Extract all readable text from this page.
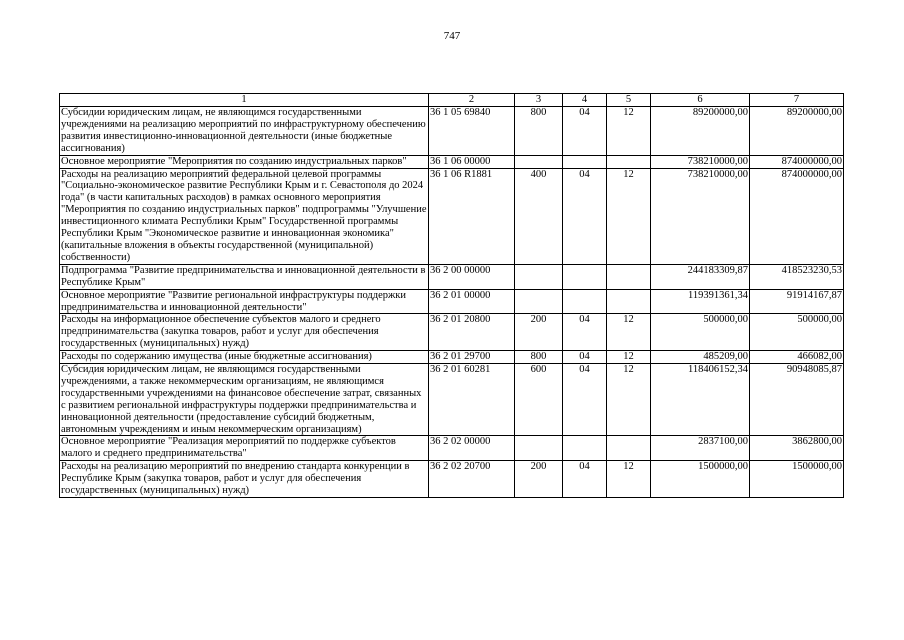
747
1	2	3	4	5	6	7
Субсидии юридическим лицам, не являющимся государственными учреждениями на реализацию мероприятий по инфраструктурному обеспечению развития инвестиционно-инновационной деятельности (иные бюджетные ассигнования)	36 1 05 69840	800	04	12	89200000,00	89200000,00
Основное мероприятие "Мероприятия по созданию индустриальных парков"	36 1 06 00000				738210000,00	874000000,00
Расходы на реализацию мероприятий федеральной целевой программы "Социально-экономическое развитие Республики Крым и г. Севастополя до 2024 года" (в части капитальных расходов) в рамках основного мероприятия "Мероприятия по созданию индустриальных парков" подпрограммы "Улучшение инвестиционного климата Республики Крым" Государственной программы Республики Крым "Экономическое развитие и инновационная экономика" (капитальные вложения в объекты государственной (муниципальной) собственности)	36 1 06 R1881	400	04	12	738210000,00	874000000,00
Подпрограмма "Развитие предпринимательства и инновационной деятельности в Республике Крым"	36 2 00 00000				244183309,87	418523230,53
Основное мероприятие "Развитие региональной инфраструктуры поддержки предпринимательства и инновационной деятельности"	36 2 01 00000				119391361,34	91914167,87
Расходы на информационное обеспечение субъектов малого и среднего предпринимательства (закупка товаров, работ и услуг для обеспечения государственных (муниципальных) нужд)	36 2 01 20800	200	04	12	500000,00	500000,00
Расходы по содержанию имущества (иные бюджетные ассигнования)	36 2 01 29700	800	04	12	485209,00	466082,00
Субсидия юридическим лицам, не являющимся государственными учреждениями, а также некоммерческим организациям, не являющимся государственными учреждениями на финансовое обеспечение затрат, связанных с развитием региональной инфраструктуры поддержки предпринимательства и инновационной деятельности (предоставление субсидий бюджетным, автономным учреждениям и иным некоммерческим организациям)	36 2 01 60281	600	04	12	118406152,34	90948085,87
Основное мероприятие "Реализация мероприятий по поддержке субъектов малого и среднего предпринимательства"	36 2 02 00000				2837100,00	3862800,00
Расходы на реализацию мероприятий по внедрению стандарта конкуренции в Республике Крым (закупка товаров, работ и услуг для обеспечения государственных (муниципальных) нужд)	36 2 02 20700	200	04	12	1500000,00	1500000,00
